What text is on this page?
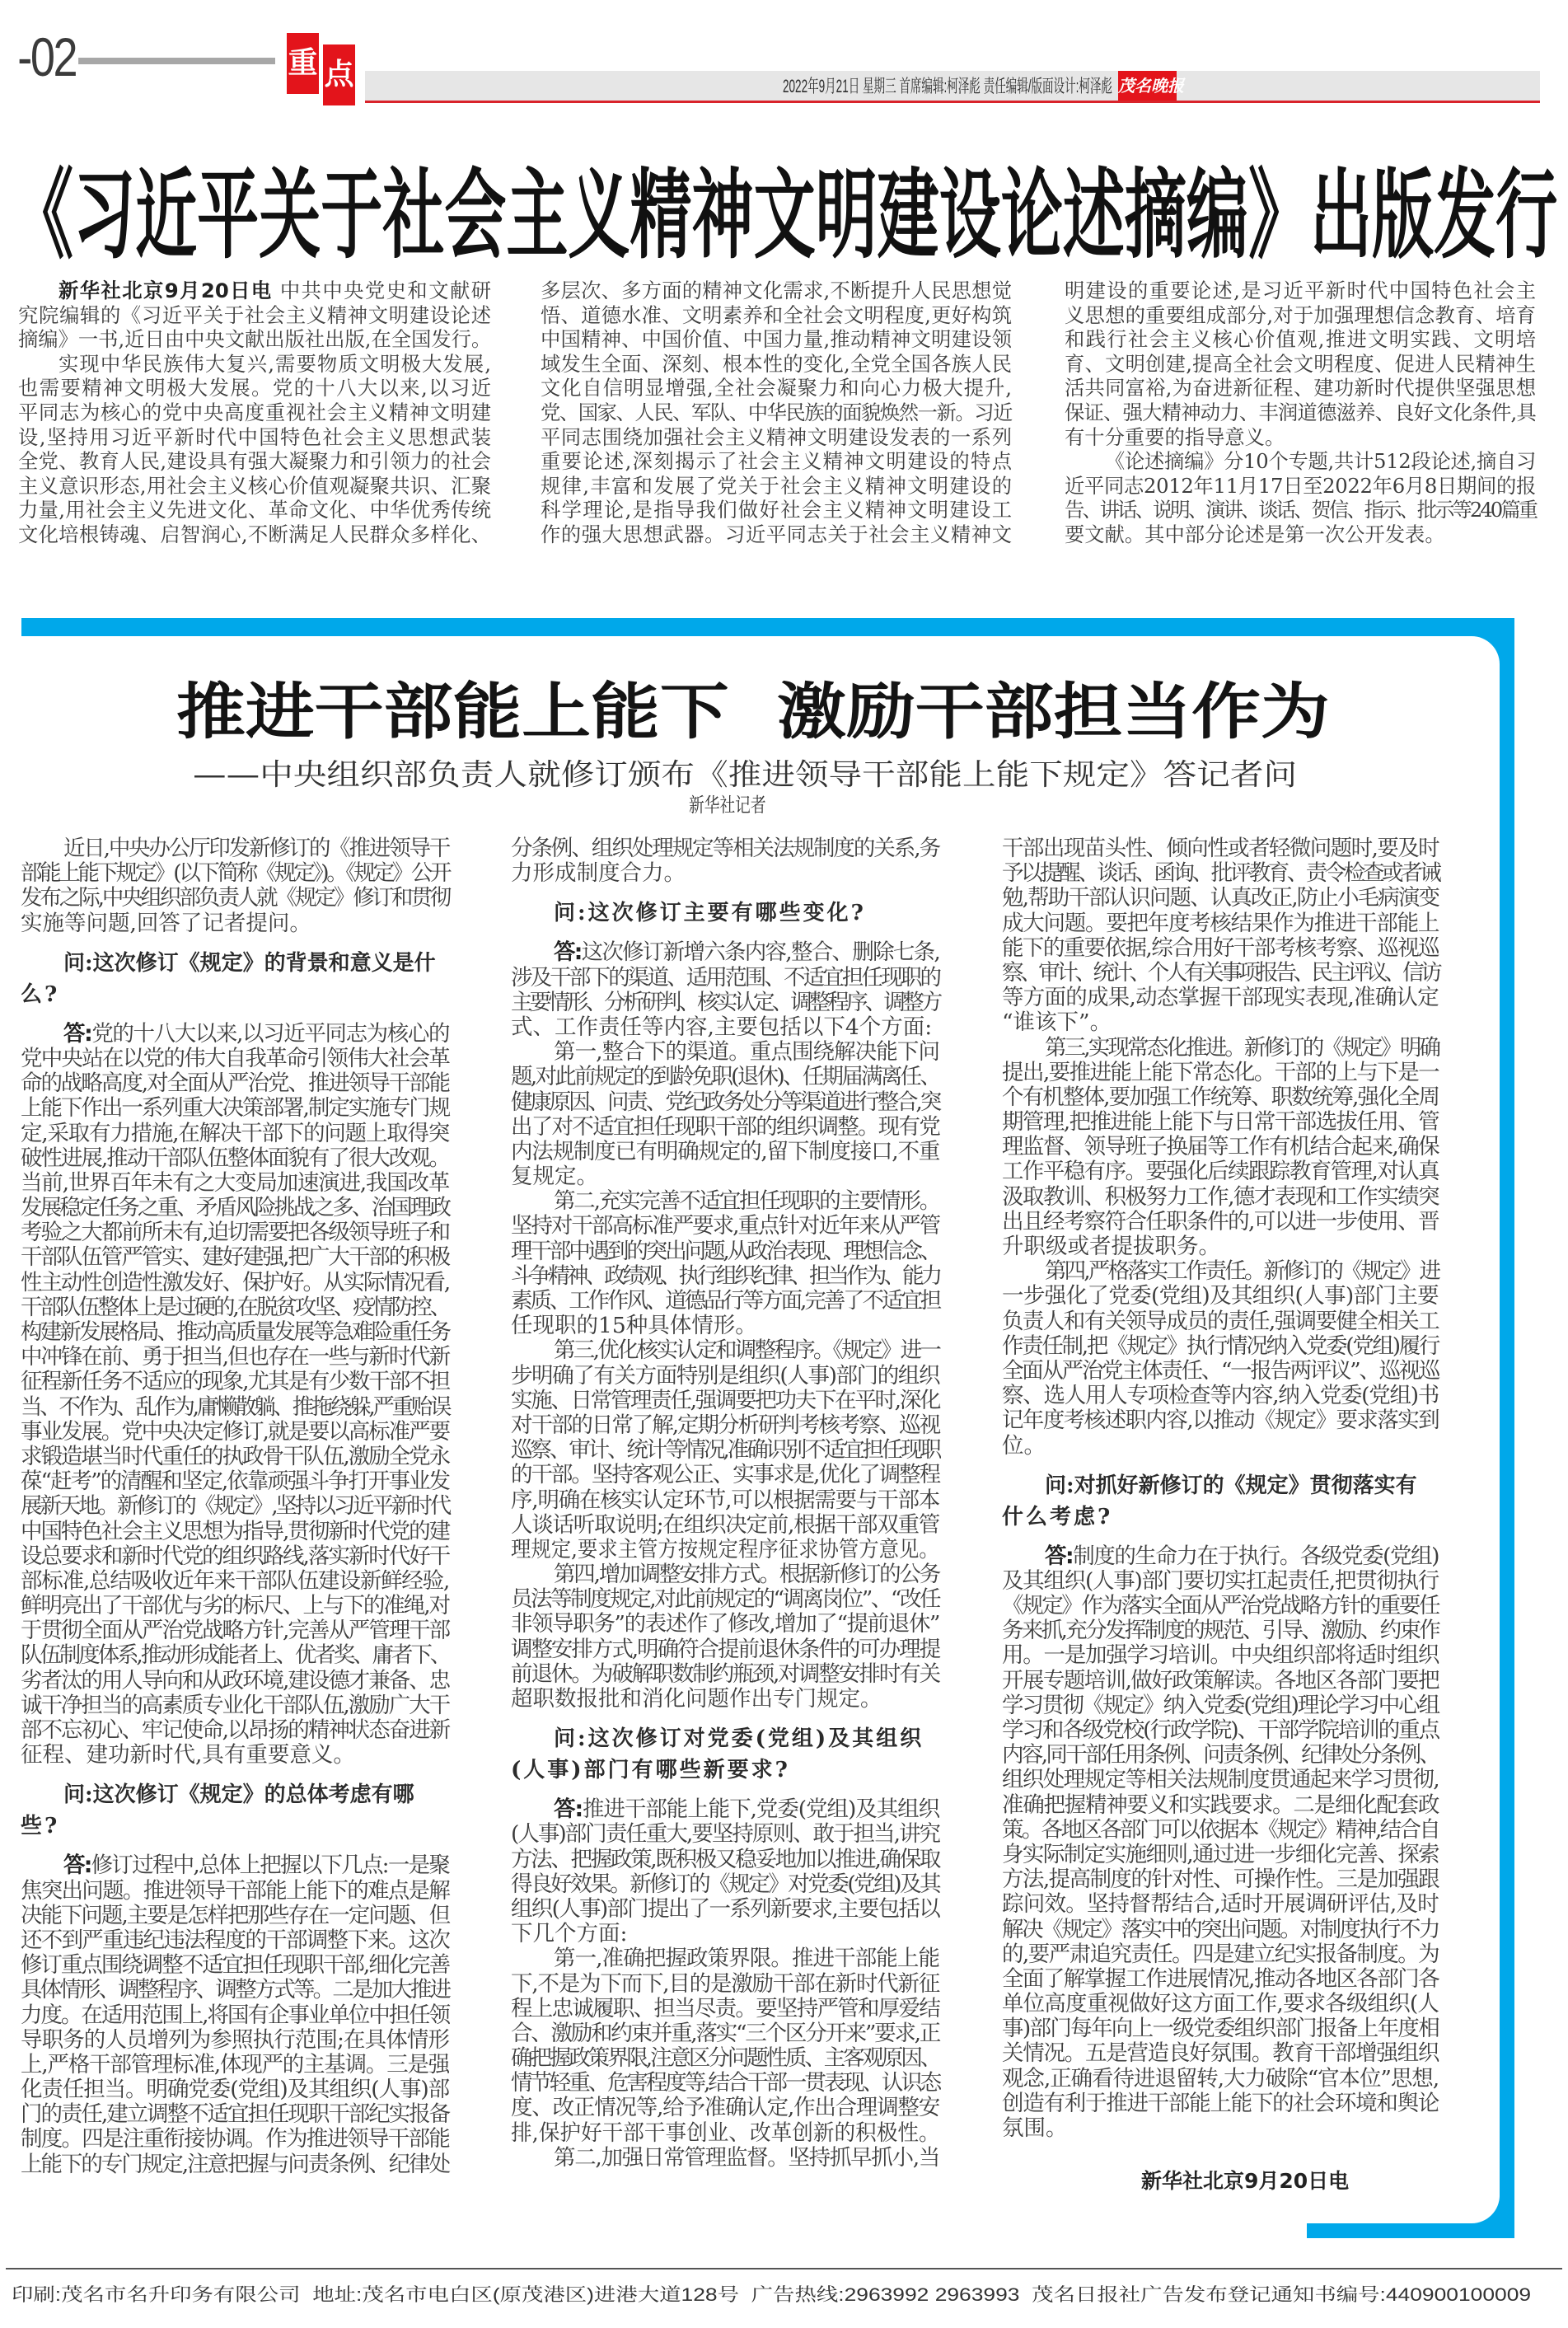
-02	重 点	2022年9月21日 星期三 首席编辑:柯泽彪 责任编辑/版面设计:柯泽彪 茂名晚报
《习近平关于社会主义精神文明建设论述摘编》出版发行
新华社北京9月20日电 中共中央党史和文献研
究院编辑的《习近平关于社会主义精神文明建设论述
摘编》一书,近日由中央文献出版社出版,在全国发行。
实现中华民族伟大复兴,需要物质文明极大发展,
也需要精神文明极大发展。党的十八大以来,以习近
平同志为核心的党中央高度重视社会主义精神文明建
设,坚持用习近平新时代中国特色社会主义思想武装
全党、教育人民,建设具有强大凝聚力和引领力的社会
主义意识形态,用社会主义核心价值观凝聚共识、汇聚
力量,用社会主义先进文化、革命文化、中华优秀传统
文化培根铸魂、启智润心,不断满足人民群众多样化、
多层次、多方面的精神文化需求,不断提升人民思想觉
悟、道德水准、文明素养和全社会文明程度,更好构筑
中国精神、中国价值、中国力量,推动精神文明建设领
域发生全面、深刻、根本性的变化,全党全国各族人民
文化自信明显增强,全社会凝聚力和向心力极大提升,
党、国家、人民、军队、中华民族的面貌焕然一新。习近
平同志围绕加强社会主义精神文明建设发表的一系列
重要论述,深刻揭示了社会主义精神文明建设的特点
规律,丰富和发展了党关于社会主义精神文明建设的
科学理论,是指导我们做好社会主义精神文明建设工
作的强大思想武器。习近平同志关于社会主义精神文
明建设的重要论述,是习近平新时代中国特色社会主
义思想的重要组成部分,对于加强理想信念教育、培育
和践行社会主义核心价值观,推进文明实践、文明培
育、文明创建,提高全社会文明程度、促进人民精神生
活共同富裕,为奋进新征程、建功新时代提供坚强思想
保证、强大精神动力、丰润道德滋养、良好文化条件,具
有十分重要的指导意义。
《论述摘编》分10个专题,共计512段论述,摘自习
近平同志2012年11月17日至2022年6月8日期间的报
告、讲话、说明、演讲、谈话、贺信、指示、批示等240篇重
要文献。其中部分论述是第一次公开发表。
推进干部能上能下  激励干部担当作为
——中央组织部负责人就修订颁布《推进领导干部能上能下规定》答记者问
新华社记者
近日,中央办公厅印发新修订的《推进领导干
部能上能下规定》(以下简称《规定》)。《规定》公开
发布之际,中央组织部负责人就《规定》修订和贯彻
实施等问题,回答了记者提问。
问:这次修订《规定》的背景和意义是什
么?
答:党的十八大以来,以习近平同志为核心的
党中央站在以党的伟大自我革命引领伟大社会革
命的战略高度,对全面从严治党、推进领导干部能
上能下作出一系列重大决策部署,制定实施专门规
定,采取有力措施,在解决干部下的问题上取得突
破性进展,推动干部队伍整体面貌有了很大改观。
当前,世界百年未有之大变局加速演进,我国改革
发展稳定任务之重、矛盾风险挑战之多、治国理政
考验之大都前所未有,迫切需要把各级领导班子和
干部队伍管严管实、建好建强,把广大干部的积极
性主动性创造性激发好、保护好。从实际情况看,
干部队伍整体上是过硬的,在脱贫攻坚、疫情防控、
构建新发展格局、推动高质量发展等急难险重任务
中冲锋在前、勇于担当,但也存在一些与新时代新
征程新任务不适应的现象,尤其是有少数干部不担
当、不作为、乱作为,庸懒散躺、推拖绕躲,严重贻误
事业发展。党中央决定修订,就是要以高标准严要
求锻造堪当时代重任的执政骨干队伍,激励全党永
葆“赶考”的清醒和坚定,依靠顽强斗争打开事业发
展新天地。新修订的《规定》,坚持以习近平新时代
中国特色社会主义思想为指导,贯彻新时代党的建
设总要求和新时代党的组织路线,落实新时代好干
部标准,总结吸收近年来干部队伍建设新鲜经验,
鲜明亮出了干部优与劣的标尺、上与下的准绳,对
于贯彻全面从严治党战略方针,完善从严管理干部
队伍制度体系,推动形成能者上、优者奖、庸者下、
劣者汰的用人导向和从政环境,建设德才兼备、忠
诚干净担当的高素质专业化干部队伍,激励广大干
部不忘初心、牢记使命,以昂扬的精神状态奋进新
征程、建功新时代,具有重要意义。
问:这次修订《规定》的总体考虑有哪
些?
答:修订过程中,总体上把握以下几点:一是聚
焦突出问题。推进领导干部能上能下的难点是解
决能下问题,主要是怎样把那些存在一定问题、但
还不到严重违纪违法程度的干部调整下来。这次
修订重点围绕调整不适宜担任现职干部,细化完善
具体情形、调整程序、调整方式等。二是加大推进
力度。在适用范围上,将国有企事业单位中担任领
导职务的人员增列为参照执行范围;在具体情形
上,严格干部管理标准,体现严的主基调。三是强
化责任担当。明确党委(党组)及其组织(人事)部
门的责任,建立调整不适宜担任现职干部纪实报备
制度。四是注重衔接协调。作为推进领导干部能
上能下的专门规定,注意把握与问责条例、纪律处
分条例、组织处理规定等相关法规制度的关系,务
力形成制度合力。
问:这次修订主要有哪些变化?
答:这次修订新增六条内容,整合、删除七条,
涉及干部下的渠道、适用范围、不适宜担任现职的
主要情形、分析研判、核实认定、调整程序、调整方
式、工作责任等内容,主要包括以下4个方面:
第一,整合下的渠道。重点围绕解决能下问
题,对此前规定的到龄免职(退休)、任期届满离任、
健康原因、问责、党纪政务处分等渠道进行整合,突
出了对不适宜担任现职干部的组织调整。现有党
内法规制度已有明确规定的,留下制度接口,不重
复规定。
第二,充实完善不适宜担任现职的主要情形。
坚持对干部高标准严要求,重点针对近年来从严管
理干部中遇到的突出问题,从政治表现、理想信念、
斗争精神、政绩观、执行组织纪律、担当作为、能力
素质、工作作风、道德品行等方面,完善了不适宜担
任现职的15种具体情形。
第三,优化核实认定和调整程序。《规定》进一
步明确了有关方面特别是组织(人事)部门的组织
实施、日常管理责任,强调要把功夫下在平时,深化
对干部的日常了解,定期分析研判考核考察、巡视
巡察、审计、统计等情况,准确识别不适宜担任现职
的干部。坚持客观公正、实事求是,优化了调整程
序,明确在核实认定环节,可以根据需要与干部本
人谈话听取说明;在组织决定前,根据干部双重管
理规定,要求主管方按规定程序征求协管方意见。
第四,增加调整安排方式。根据新修订的公务
员法等制度规定,对此前规定的“调离岗位”、“改任
非领导职务”的表述作了修改,增加了“提前退休”
调整安排方式,明确符合提前退休条件的可办理提
前退休。为破解职数制约瓶颈,对调整安排时有关
超职数报批和消化问题作出专门规定。
问:这次修订对党委(党组)及其组织
(人事)部门有哪些新要求?
答:推进干部能上能下,党委(党组)及其组织
(人事)部门责任重大,要坚持原则、敢于担当,讲究
方法、把握政策,既积极又稳妥地加以推进,确保取
得良好效果。新修订的《规定》对党委(党组)及其
组织(人事)部门提出了一系列新要求,主要包括以
下几个方面:
第一,准确把握政策界限。推进干部能上能
下,不是为下而下,目的是激励干部在新时代新征
程上忠诚履职、担当尽责。要坚持严管和厚爱结
合、激励和约束并重,落实“三个区分开来”要求,正
确把握政策界限,注意区分问题性质、主客观原因、
情节轻重、危害程度等,结合干部一贯表现、认识态
度、改正情况等,给予准确认定,作出合理调整安
排,保护好干部干事创业、改革创新的积极性。
第二,加强日常管理监督。坚持抓早抓小,当
干部出现苗头性、倾向性或者轻微问题时,要及时
予以提醒、谈话、函询、批评教育、责令检查或者诫
勉,帮助干部认识问题、认真改正,防止小毛病演变
成大问题。要把年度考核结果作为推进干部能上
能下的重要依据,综合用好干部考核考察、巡视巡
察、审计、统计、个人有关事项报告、民主评议、信访
等方面的成果,动态掌握干部现实表现,准确认定
“谁该下”。
第三,实现常态化推进。新修订的《规定》明确
提出,要推进能上能下常态化。干部的上与下是一
个有机整体,要加强工作统筹、职数统筹,强化全周
期管理,把推进能上能下与日常干部选拔任用、管
理监督、领导班子换届等工作有机结合起来,确保
工作平稳有序。要强化后续跟踪教育管理,对认真
汲取教训、积极努力工作,德才表现和工作实绩突
出且经考察符合任职条件的,可以进一步使用、晋
升职级或者提拔职务。
第四,严格落实工作责任。新修订的《规定》进
一步强化了党委(党组)及其组织(人事)部门主要
负责人和有关领导成员的责任,强调要健全相关工
作责任制,把《规定》执行情况纳入党委(党组)履行
全面从严治党主体责任、“一报告两评议”、巡视巡
察、选人用人专项检查等内容,纳入党委(党组)书
记年度考核述职内容,以推动《规定》要求落实到
位。
问:对抓好新修订的《规定》贯彻落实有
什么考虑?
答:制度的生命力在于执行。各级党委(党组)
及其组织(人事)部门要切实扛起责任,把贯彻执行
《规定》作为落实全面从严治党战略方针的重要任
务来抓,充分发挥制度的规范、引导、激励、约束作
用。一是加强学习培训。中央组织部将适时组织
开展专题培训,做好政策解读。各地区各部门要把
学习贯彻《规定》纳入党委(党组)理论学习中心组
学习和各级党校(行政学院)、干部学院培训的重点
内容,同干部任用条例、问责条例、纪律处分条例、
组织处理规定等相关法规制度贯通起来学习贯彻,
准确把握精神要义和实践要求。二是细化配套政
策。各地区各部门可以依据本《规定》精神,结合自
身实际制定实施细则,通过进一步细化完善、探索
方法,提高制度的针对性、可操作性。三是加强跟
踪问效。坚持督帮结合,适时开展调研评估,及时
解决《规定》落实中的突出问题。对制度执行不力
的,要严肃追究责任。四是建立纪实报备制度。为
全面了解掌握工作进展情况,推动各地区各部门各
单位高度重视做好这方面工作,要求各级组织(人
事)部门每年向上一级党委组织部门报备上年度相
关情况。五是营造良好氛围。教育干部增强组织
观念,正确看待进退留转,大力破除“官本位”思想,
创造有利于推进干部能上能下的社会环境和舆论
氛围。
新华社北京9月20日电
印刷:茂名市名升印务有限公司  地址:茂名市电白区(原茂港区)进港大道128号  广告热线:2963992 2963993  茂名日报社广告发布登记通知书编号:440900100009
